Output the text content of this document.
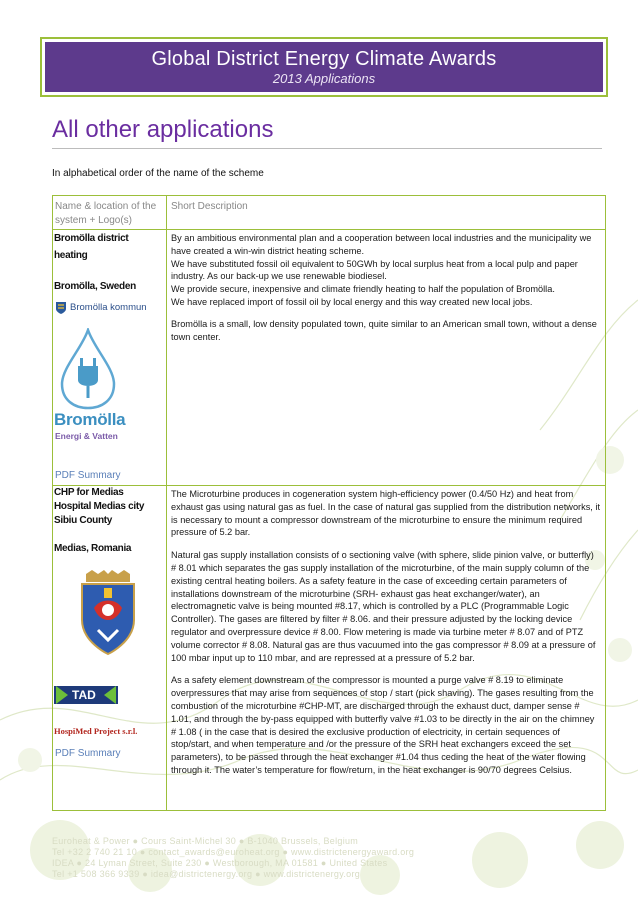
Global District Energy Climate Awards
2013 Applications
All other applications
In alphabetical order of the name of the scheme
Name & location of the system + Logo(s)
Short Description
Bromölla district
heating
Bromölla, Sweden
Bromölla kommun
Bromölla
Energi & Vatten
PDF Summary

By an ambitious environmental plan and a cooperation between local industries and the municipality we have created a win-win district heating scheme.

We have substituted fossil oil equivalent to 50GWh by local surplus heat from a local pulp and paper industry. As our back-up we use renewable biodiesel.

We provide secure, inexpensive and climate friendly heating to half the population of Bromölla.

We have replaced import of fossil oil by local energy and this way created new local jobs.

Bromölla is a small, low density populated town, quite similar to an American small town, without a dense town center.

CHP for Medias
Hospital Medias city
Sibiu County
Medias, Romania
TAD
HospiMed Project s.r.l.
PDF Summary

The Microturbine produces in cogeneration system high-efficiency power (0.4/50 Hz) and heat from exhaust gas using natural gas as fuel. In the case of natural gas supplied from the distribution networks, it is necessary to mount a compressor downstream of the microturbine to ensure the minimum required pressure of 5.2 bar.

Natural gas supply installation consists of o sectioning valve (with sphere, slide pinion valve, or butterfly) # 8.01 which separates the gas supply installation of the microturbine, of the main supply column of the existing central heating boilers. As a safety feature in the case of exceeding certain parameters of installations downstream of the microturbine (SRH- exhaust gas heat exchanger/water), an electromagnetic valve is being mounted #8.17, which is controlled by a PLC (Programmable Logic Controller). The gases are filtered by filter # 8.06. and their pressure adjusted by the locking device regulator and overpressure device # 8.00. Flow metering is made via turbine meter # 8.07 and of PTZ volume corrector # 8.08. Natural gas are thus vacuumed into the gas compressor # 8.09 at a pressure of 100 mbar input up to 110 mbar, and are repressed at a pressure of 5.2 bar.

As a safety element downstream of the compressor is mounted a purge valve # 8.19 to eliminate overpressures that may arise from sequences of stop / start (pick shaving). The gases resulting from the combustion of the microturbine #CHP-MT, are discharged through the exhaust duct, damper sense # 1.01, and through the by-pass equipped with butterfly valve #1.03 to be directly in the air on the chimney # 1.08 ( in the case that is desired the exclusive production of electricity, in certain sequences of stop/start, and when temperature and /or the pressure of the SRH heat exchangers exceed the set parameters), to be passed through the heat exchanger #1.04 thus ceding the heat of the water flowing through it. The water’s temperature for flow/return, in the heat exchanger is 90/70 degrees Celsius.

Euroheat & Power ● Cours Saint-Michel 30 ● B-1040 Brussels, Belgium
Tel +32 2 740 21 10 ● contact_awards@euroheat.org ● www.districtenergyaward.org
IDEA ● 24 Lyman Street, Suite 230 ● Westborough, MA 01581 ● United States
Tel +1 508 366 9339 ● idea@districtenergy.org ● www.districtenergy.org
